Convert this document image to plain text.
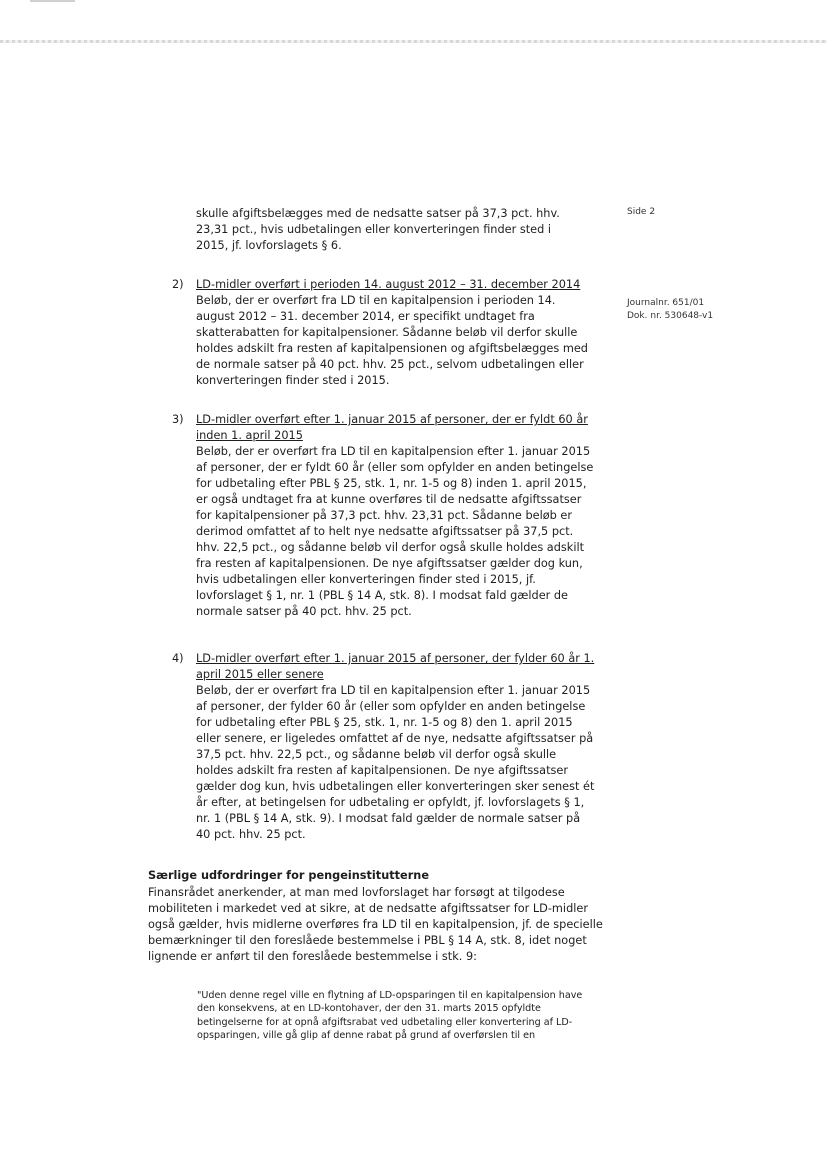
Side 2
Journalnr. 651/01
Dok. nr. 530648-v1

skulle afgiftsbelægges med de nedsatte satser på 37,3 pct. hhv. 23,31 pct., hvis udbetalingen eller konverteringen finder sted i 2015, jf. lovforslagets § 6.

2) LD-midler overført i perioden 14. august 2012 – 31. december 2014
Beløb, der er overført fra LD til en kapitalpension i perioden 14. august 2012 – 31. december 2014, er specifikt undtaget fra skatterabatten for kapitalpensioner. Sådanne beløb vil derfor skulle holdes adskilt fra resten af kapitalpensionen og afgiftsbelægges med de normale satser på 40 pct. hhv. 25 pct., selvom udbetalingen eller konverteringen finder sted i 2015.
3) LD-midler overført efter 1. januar 2015 af personer, der er fyldt 60 år inden 1. april 2015
Beløb, der er overført fra LD til en kapitalpension efter 1. januar 2015 af personer, der er fyldt 60 år (eller som opfylder en anden betingelse for udbetaling efter PBL § 25, stk. 1, nr. 1-5 og 8) inden 1. april 2015, er også undtaget fra at kunne overføres til de nedsatte afgiftssatser for kapitalpensioner på 37,3 pct. hhv. 23,31 pct. Sådanne beløb er derimod omfattet af to helt nye nedsatte afgiftssatser på 37,5 pct. hhv. 22,5 pct., og sådanne beløb vil derfor også skulle holdes adskilt fra resten af kapitalpensionen. De nye afgiftssatser gælder dog kun, hvis udbetalingen eller konverteringen finder sted i 2015, jf. lovforslaget § 1, nr. 1 (PBL § 14 A, stk. 8). I modsat fald gælder de normale satser på 40 pct. hhv. 25 pct.
4) LD-midler overført efter 1. januar 2015 af personer, der fylder 60 år 1. april 2015 eller senere
Beløb, der er overført fra LD til en kapitalpension efter 1. januar 2015 af personer, der fylder 60 år (eller som opfylder en anden betingelse for udbetaling efter PBL § 25, stk. 1, nr. 1-5 og 8) den 1. april 2015 eller senere, er ligeledes omfattet af de nye, nedsatte afgiftssatser på 37,5 pct. hhv. 22,5 pct., og sådanne beløb vil derfor også skulle holdes adskilt fra resten af kapitalpensionen. De nye afgiftssatser gælder dog kun, hvis udbetalingen eller konverteringen sker senest ét år efter, at betingelsen for udbetaling er opfyldt, jf. lovforslagets § 1, nr. 1 (PBL § 14 A, stk. 9). I modsat fald gælder de normale satser på 40 pct. hhv. 25 pct.
Særlige udfordringer for pengeinstitutterne
Finansrådet anerkender, at man med lovforslaget har forsøgt at tilgodese mobiliteten i markedet ved at sikre, at de nedsatte afgiftssatser for LD-midler også gælder, hvis midlerne overføres fra LD til en kapitalpension, jf. de specielle bemærkninger til den foreslåede bestemmelse i PBL § 14 A, stk. 8, idet noget lignende er anført til den foreslåede bestemmelse i stk. 9:
"Uden denne regel ville en flytning af LD-opsparingen til en kapitalpension have den konsekvens, at en LD-kontohaver, der den 31. marts 2015 opfyldte betingelserne for at opnå afgiftsrabat ved udbetaling eller konvertering af LD-opsparingen, ville gå glip af denne rabat på grund af overførslen til en
